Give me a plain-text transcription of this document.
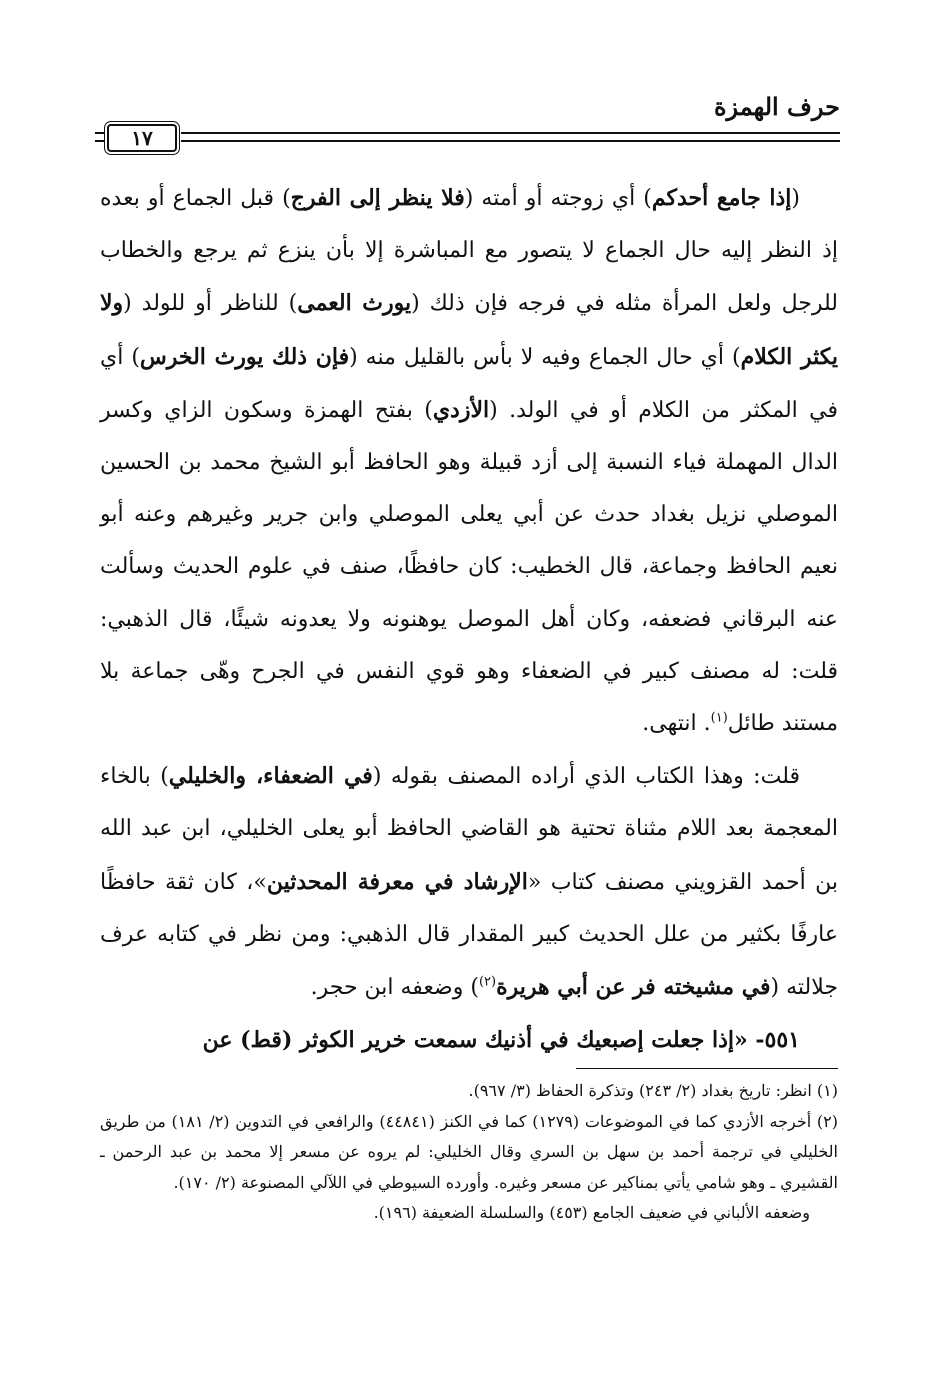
حرف الهمزة
١٧

(إذا جامع أحدكم) أي زوجته أو أمته (فلا ينظر إلى الفرج) قبل الجماع أو بعده إذ النظر إليه حال الجماع لا يتصور مع المباشرة إلا بأن ينزع ثم يرجع والخطاب للرجل ولعل المرأة مثله في فرجه فإن ذلك (يورث العمى) للناظر أو للولد (ولا يكثر الكلام) أي حال الجماع وفيه لا بأس بالقليل منه (فإن ذلك يورث الخرس) أي في المكثر من الكلام أو في الولد. (الأزدي) بفتح الهمزة وسكون الزاي وكسر الدال المهملة فياء النسبة إلى أزد قبيلة وهو الحافظ أبو الشيخ محمد بن الحسين الموصلي نزيل بغداد حدث عن أبي يعلى الموصلي وابن جرير وغيرهم وعنه أبو نعيم الحافظ وجماعة، قال الخطيب: كان حافظًا، صنف في علوم الحديث وسألت عنه البرقاني فضعفه، وكان أهل الموصل يوهنونه ولا يعدونه شيئًا، قال الذهبي: قلت: له مصنف كبير في الضعفاء وهو قوي النفس في الجرح وهّى جماعة بلا مستند طائل$^{(١)}$. انتهى.

قلت: وهذا الكتاب الذي أراده المصنف بقوله (في الضعفاء، والخليلي) بالخاء المعجمة بعد اللام مثناة تحتية هو القاضي الحافظ أبو يعلى الخليلي، ابن عبد الله بن أحمد القزويني مصنف كتاب «الإرشاد في معرفة المحدثين»، كان ثقة حافظًا عارفًا بكثير من علل الحديث كبير المقدار قال الذهبي: ومن نظر في كتابه عرف جلالته (في مشيخته فر عن أبي هريرة$^{(٢)}$) وضعفه ابن حجر.

٥٥١- «إذا جعلت إصبعيك في أذنيك سمعت خرير الكوثر (قط) عن

(١) انظر: تاريخ بغداد (٢/ ٢٤٣) وتذكرة الحفاظ (٣/ ٩٦٧).

(٢) أخرجه الأزدي كما في الموضوعات (١٢٧٩) كما في الكنز (٤٤٨٤١) والرافعي في التدوين (٢/ ١٨١) من طريق الخليلي في ترجمة أحمد بن سهل بن السري وقال الخليلي: لم يروه عن مسعر إلا محمد بن عبد الرحمن ـ القشيري ـ وهو شامي يأتي بمناكير عن مسعر وغيره. وأورده السيوطي في اللآلي المصنوعة (٢/ ١٧٠).

وضعفه الألباني في ضعيف الجامع (٤٥٣) والسلسلة الضعيفة (١٩٦).
